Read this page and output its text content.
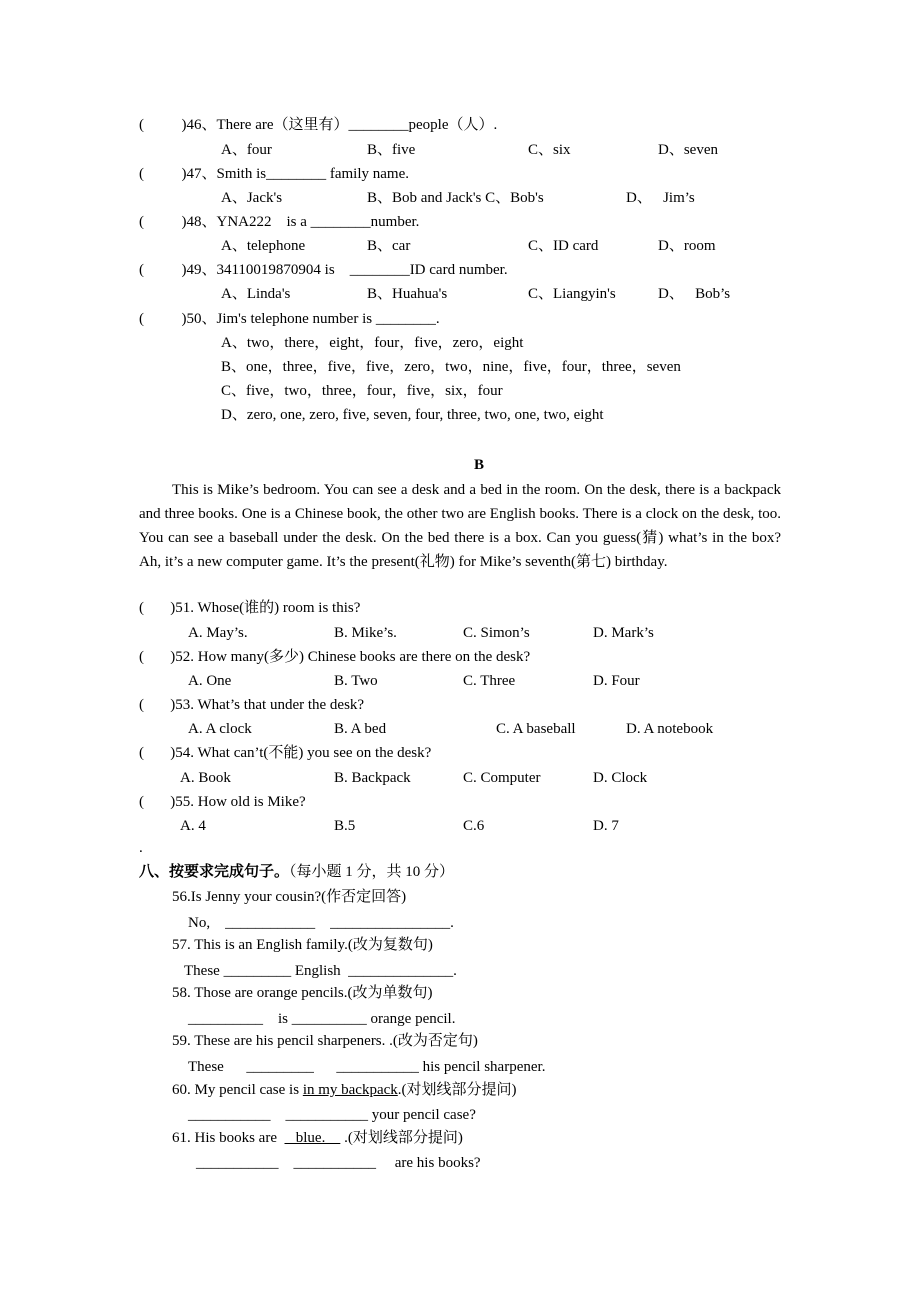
(          )46、There are（这里有）________people（人）.
A、four	B、five	C、six	D、seven
(          )47、Smith is________ family name.
A、Jack's	B、Bob and Jack's C、Bob's	D、   Jim’s
(          )48、YNA222    is a ________number.
A、telephone	B、car	C、ID card	D、room
(          )49、34110019870904 is    ________ID card number.
A、Linda's	B、Huahua's	C、Liangyin's	D、   Bob’s
(          )50、Jim's telephone number is ________.
A、two，there，eight，four，five，zero，eight
B、one，three，five，five，zero，two，nine，five，four，three，seven
C、five，two，three，four，five，six，four
D、zero, one, zero, five, seven, four, three, two, one, two, eight
B

This is Mike’s bedroom. You can see a desk and a bed in the room. On the desk, there is a backpack and three books. One is a Chinese book, the other two are English books. There is a clock on the desk, too. You can see a baseball under the desk. On the bed there is a box. Can you guess(猜) what’s in the box? Ah, it’s a new computer game. It’s the present(礼物) for Mike’s seventh(第七) birthday.

(       )51. Whose(谁的) room is this?
A. May’s.	B. Mike’s.	C. Simon’s	D. Mark’s
(       )52. How many(多少) Chinese books are there on the desk?
A. One	B. Two	C. Three	D. Four
(       )53. What’s that under the desk?
A. A clock	B. A bed	C. A baseball	D. A notebook
(       )54. What can’t(不能) you see on the desk?
A. Book	B. Backpack	C. Computer	D. Clock
(       )55. How old is Mike?
A. 4	B.5	C.6	D. 7
.
八、按要求完成句子。（每小题 1 分，共 10 分）
56.Is Jenny your cousin?(作否定回答)
No,    ____________    ________________.
57. This is an English family.(改为复数句)
These _________ English  ______________.
58. Those are orange pencils.(改为单数句)
__________    is __________ orange pencil.
59. These are his pencil sharpeners. .(改为否定句)
These      _________      ___________ his pencil sharpener.
60. My pencil case is in my backpack.(对划线部分提问)
___________    ___________ your pencil case?
61. His books are     blue.     .(对划线部分提问)
___________    ___________     are his books?
